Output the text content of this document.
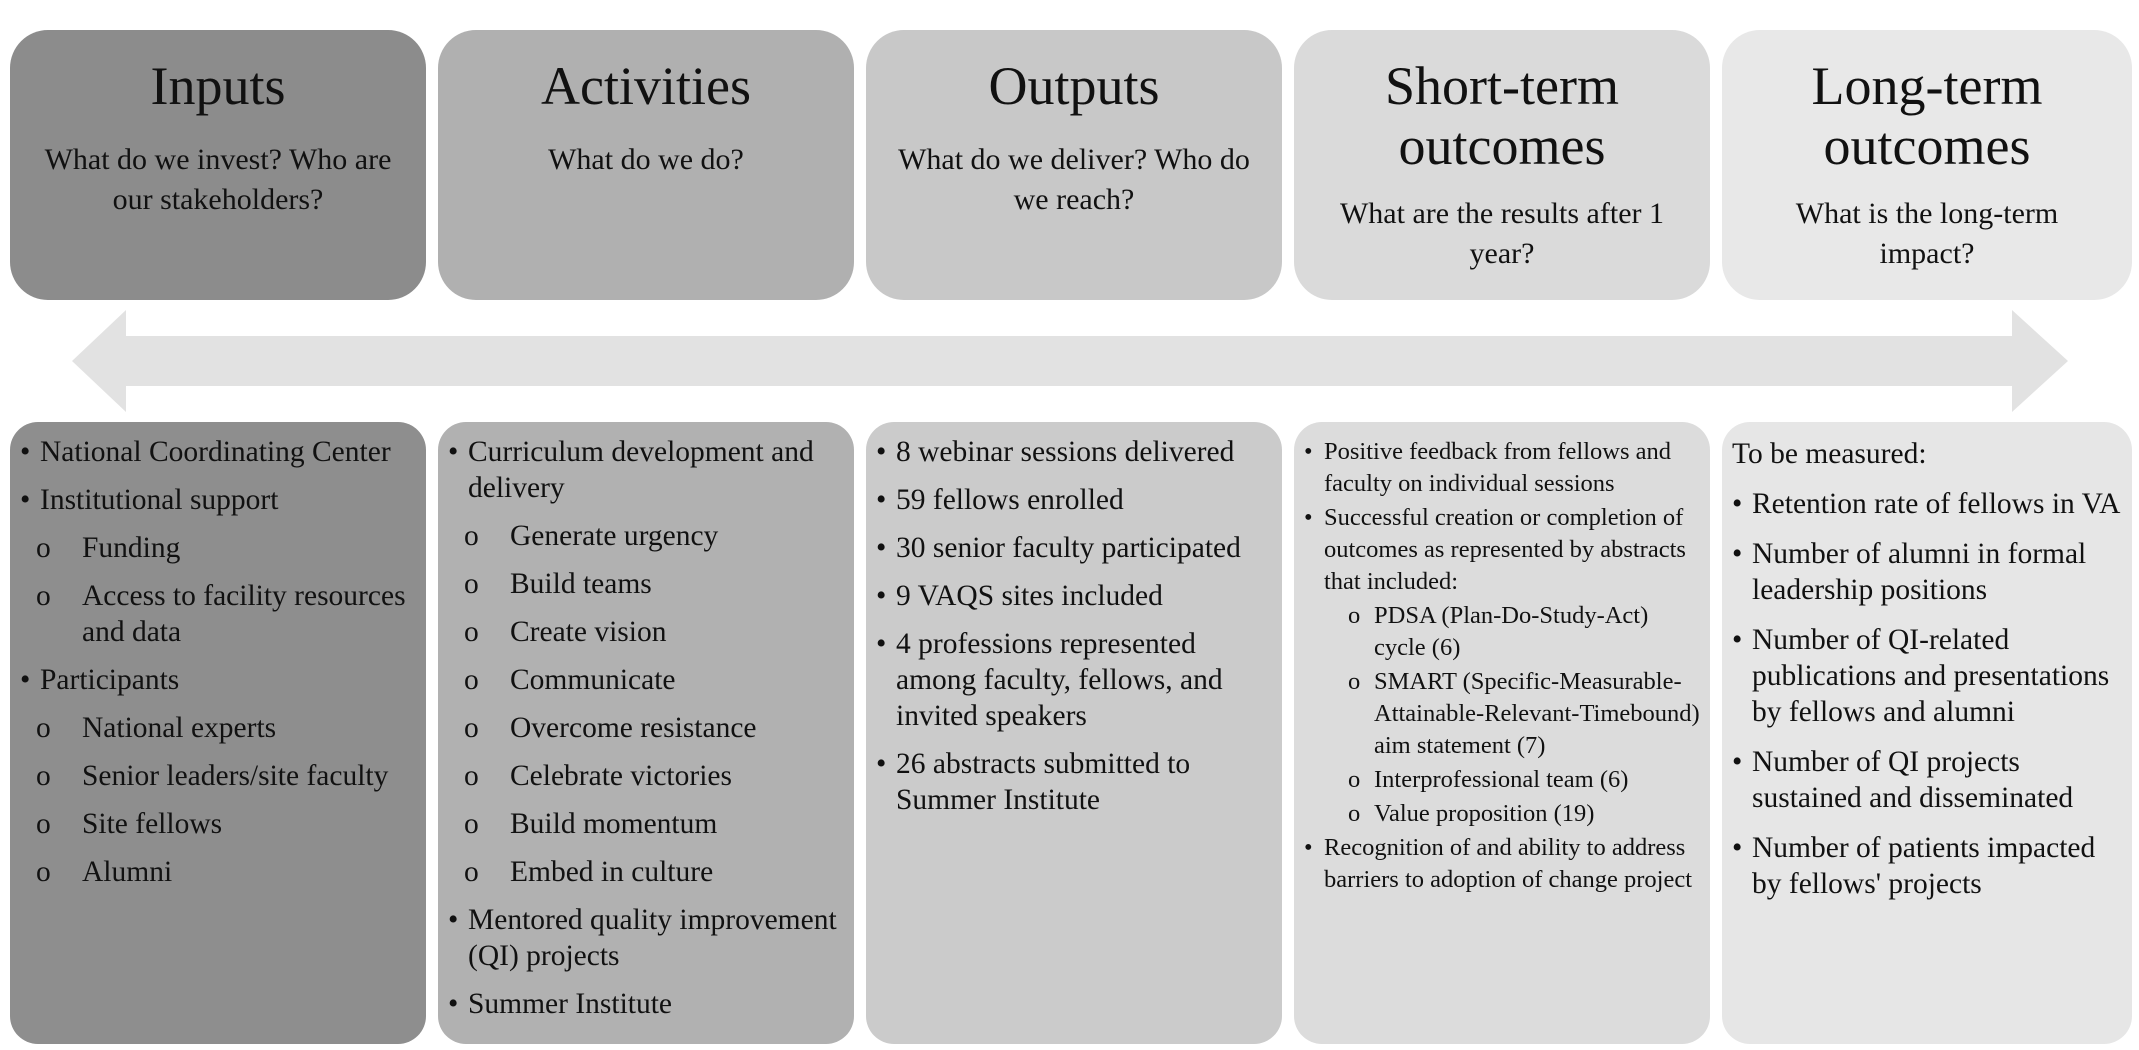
Inputs
What do we invest? Who are our stakeholders?
Activities
What do we do?
Outputs
What do we deliver? Who do we reach?
Short-term outcomes
What are the results after 1 year?
Long-term outcomes
What is the long-term impact?
• National Coordinating Center
• Institutional support
o	Funding
o	Access to facility resources and data
• Participants
o	National experts
o	Senior leaders/site faculty
o	Site fellows
o	Alumni
• Curriculum development and delivery
o	Generate urgency
o	Build teams
o	Create vision
o	Communicate
o	Overcome resistance
o	Celebrate victories
o	Build momentum
o	Embed in culture
• Mentored quality improvement (QI) projects
• Summer Institute
• 8 webinar sessions delivered
• 59 fellows enrolled
• 30 senior faculty participated
• 9 VAQS sites included
• 4 professions represented among faculty, fellows, and invited speakers
• 26 abstracts submitted to Summer Institute
• Positive feedback from fellows and faculty on individual sessions
• Successful creation or completion of outcomes as represented by abstracts that included:
o PDSA (Plan-Do-Study-Act) cycle (6)
o SMART (Specific-Measurable-Attainable-Relevant-Timebound) aim statement (7)
o Interprofessional team (6)
o Value proposition (19)
• Recognition of and ability to address barriers to adoption of change project
To be measured:
• Retention rate of fellows in VA
• Number of alumni in formal leadership positions
• Number of QI-related publications and presentations by fellows and alumni
• Number of QI projects sustained and disseminated
• Number of patients impacted by fellows' projects
